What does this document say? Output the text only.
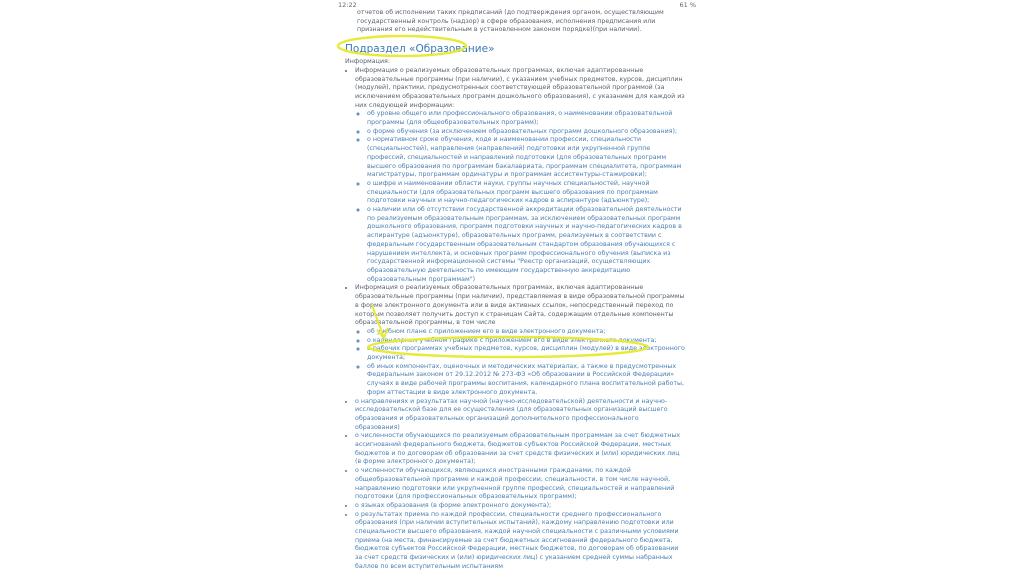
12:22	61 %
отчетов об исполнении таких предписаний (до подтверждения органом, осуществляющим государственный контроль (надзор) в сфере образования, исполнения предписания или признания его недействительным в установленном законом порядке)(при наличии).
Подраздел «Образование»
Информация:
• Информация о реализуемых образовательных программах, включая адаптированные образовательные программы (при наличии), с указанием учебных предметов, курсов, дисциплин (модулей), практики, предусмотренных соответствующей образовательной программой (за исключением образовательных программ дошкольного образования), с указанием для каждой из них следующей информации:
◦ об уровне общего или профессионального образования, о наименовании образовательной программы (для общеобразовательных программ);
◦ о форме обучения (за исключением образовательных программ дошкольного образования);
◦ о нормативном сроке обучения, коде и наименовании профессии, специальности (специальностей), направления (направлений) подготовки или укрупненной группе профессий, специальностей и направлений подготовки (для образовательных программ высшего образования по программам бакалавриата, программам специалитета, программам магистратуры, программам ординатуры и программам ассистентуры-стажировки);
◦ о шифре и наименовании области науки, группы научных специальностей, научной специальности (для образовательных программ высшего образования по программам подготовки научных и научно-педагогических кадров в аспирантуре (адъюнктуре);
◦ о наличии или об отсутствии государственной аккредитации образовательной деятельности по реализуемым образовательным программам, за исключением образовательных программ дошкольного образования, программ подготовки научных и научно-педагогических кадров в аспирантуре (адъюнктуре), образовательных программ, реализуемых в соответствии с федеральным государственным образовательным стандартом образования обучающихся с нарушением интеллекта, и основных программ профессионального обучения (выписка из государственной информационной системы "Реестр организаций, осуществляющих образовательную деятельность по имеющим государственную аккредитацию образовательным программам")
• Информация о реализуемых образовательных программах, включая адаптированные образовательные программы (при наличии), представляемая в виде образовательной программы в форме электронного документа или в виде активных ссылок, непосредственный переход по которым позволяет получить доступ к страницам Сайта, содержащим отдельные компоненты образовательной программы, в том числе
◦ об учебном плане с приложением его в виде электронного документа;
◦ о календарном учебном графике с приложением его в виде электронного документа;
◦ о рабочих программах учебных предметов, курсов, дисциплин (модулей) в виде электронного документа;
◦ об иных компонентах, оценочных и методических материалах, а также в предусмотренных Федеральным законом от 29.12.2012 № 273-ФЗ «Об образовании в Российской Федерации» случаях в виде рабочей программы воспитания, календарного плана воспитательной работы, форм аттестации в виде электронного документа.
• о направлениях и результатах научной (научно-исследовательской) деятельности и научно-исследовательской базе для ее осуществления (для образовательных организаций высшего образования и образовательных организаций дополнительного профессионального образования)
• о численности обучающихся по реализуемым образовательным программам за счет бюджетных ассигнований федерального бюджета, бюджетов субъектов Российской Федерации, местных бюджетов и по договорам об образовании за счет средств физических и (или) юридических лиц (в форме электронного документа);
• о численности обучающихся, являющихся иностранными гражданами, по каждой общеобразовательной программе и каждой профессии, специальности, в том числе научной, направлению подготовки или укрупненной группе профессий, специальностей и направлений подготовки (для профессиональных образовательных программ);
• о языках образования (в форме электронного документа);
• о результатах приема по каждой профессии, специальности среднего профессионального образования (при наличии вступительных испытаний), каждому направлению подготовки или специальности высшего образования, каждой научной специальности с различными условиями приема (на места, финансируемые за счет бюджетных ассигнований федерального бюджета, бюджетов субъектов Российской Федерации, местных бюджетов, по договорам об образовании за счет средств физических и (или) юридических лиц) с указанием средней суммы набранных баллов по всем вступительным испытаниям
